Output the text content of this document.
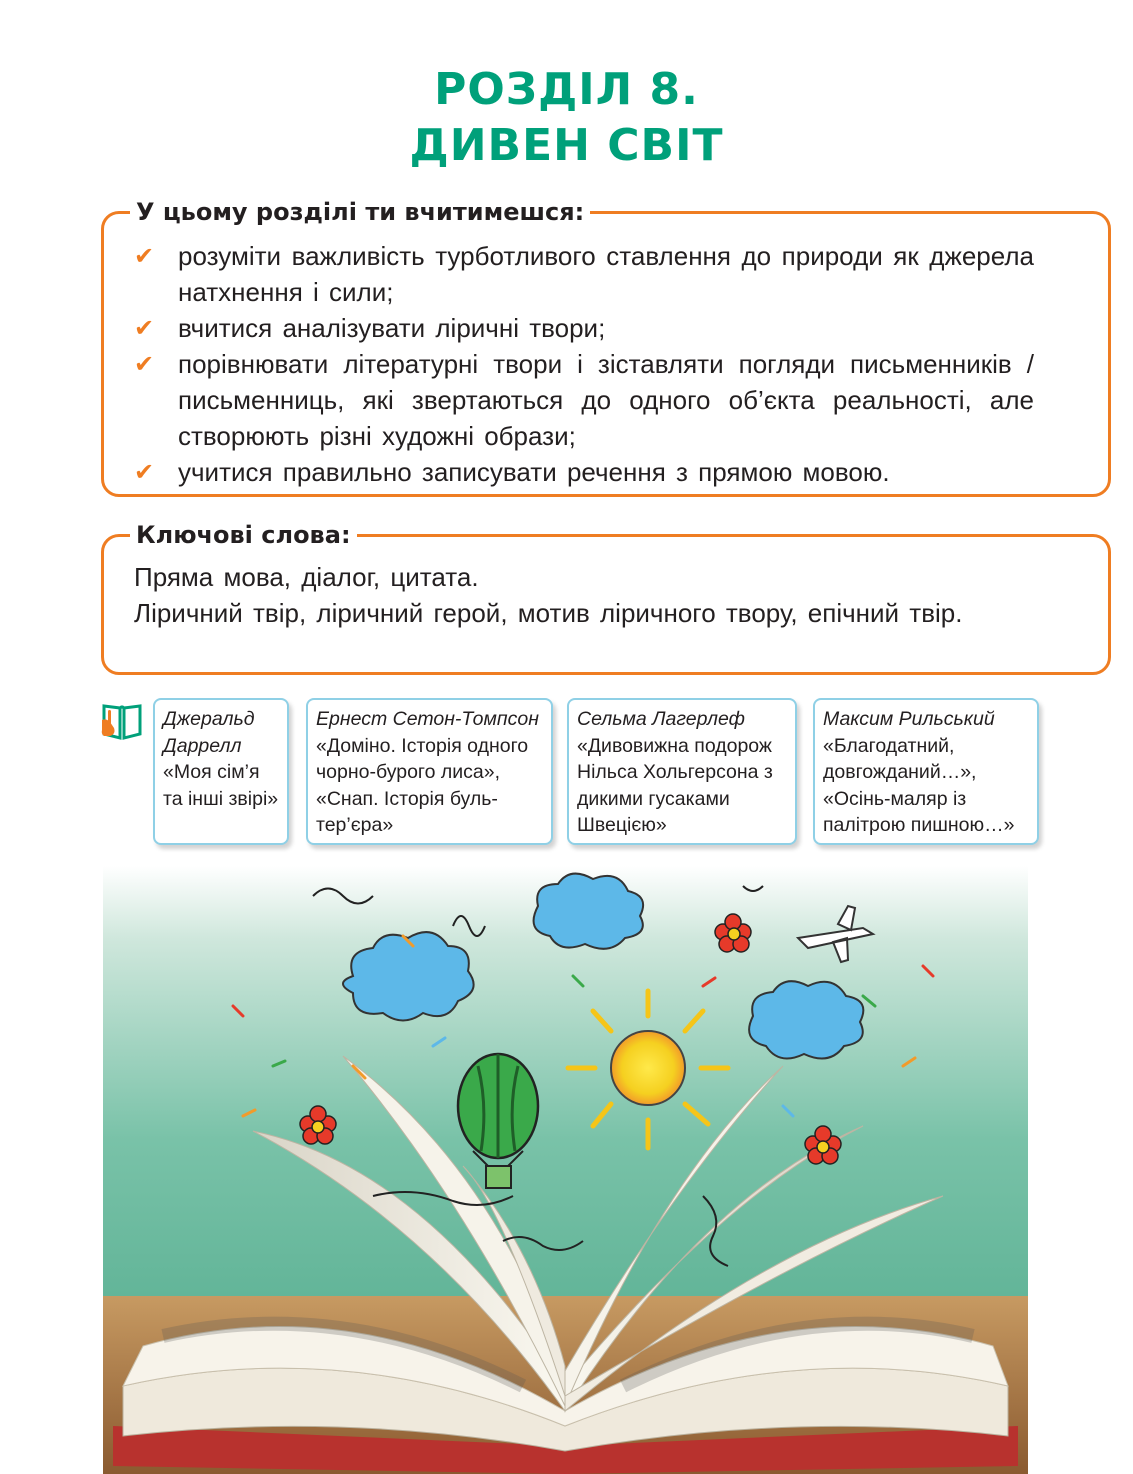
РОЗДІЛ 8.
ДИВЕН СВІТ
У цьому розділі ти вчитимешся:
✔ розуміти важливість турботливого ставлення до природи як джерела натхнення і сили;
✔ вчитися аналізувати ліричні твори;
✔ порівнювати літературні твори і зіставляти погляди письменників / письменниць, які звертаються до одного об’єкта реальності, але створюють різні художні образи;
✔ учитися правильно записувати речення з прямою мовою.
Ключові слова:
Пряма мова, діалог, цитата.
Ліричний твір, ліричний герой, мотив ліричного твору, епічний твір.
Джеральд Даррелл
«Моя сім’я та інші звірі»
Ернест Сетон-Томпсон
«Доміно. Історія одного чорно-бурого лиса», «Снап. Історія бультер’єра»
Сельма Лагерлеф
«Дивовижна подорож Нільса Хольгерсона з дикими гусаками Швецією»
Максим Рильський
«Благодатний, довгожданий…», «Осінь-маляр із палітрою пишною…»
